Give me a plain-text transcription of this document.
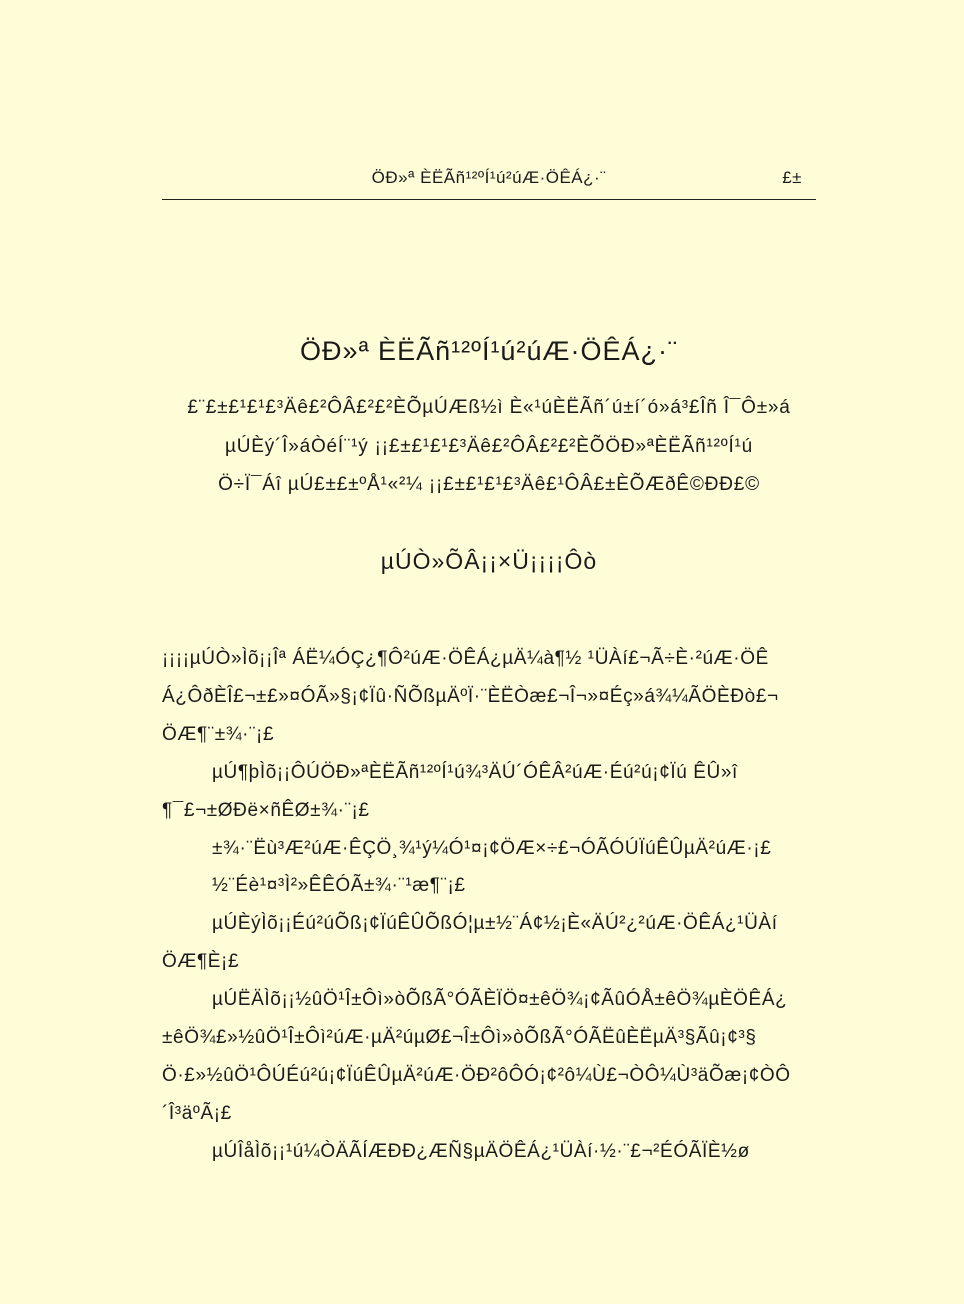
ÖÐ»ª ÈËÃñ¹²ºÍ¹ú²úÆ·ÖÊÁ¿·¨	£±
ÖÐ»ª ÈËÃñ¹²ºÍ¹ú²úÆ·ÖÊÁ¿·¨
£¨£±£¹£¹£³Äê£²ÔÂ£²£²ÈÕµÚÆß½ì È«¹úÈËÃñ´ú±í´ó»á³£Îñ Î¯Ô±»á
µÚÈý´Î»áÒéÍ¨¹ý ¡¡£±£¹£¹£³Äê£²ÔÂ£²£²ÈÕÖÐ»ªÈËÃñ¹²ºÍ¹ú
Ö÷Ï¯Áî µÚ£±£±ºÅ¹«²¼ ¡¡£±£¹£¹£³Äê£¹ÔÂ£±ÈÕÆðÊ©ÐÐ£©
µÚÒ»ÕÂ¡¡×Ü¡¡¡¡Ôò

¡¡¡¡µÚÒ»Ìõ¡¡Îª ÁË¼ÓÇ¿¶Ô²úÆ·ÖÊÁ¿µÄ¼à¶½ ¹ÜÀí£¬Ã÷È·²úÆ·ÖÊ
Á¿ÔðÈÎ£¬±£»¤ÓÃ»§¡¢Ïû·ÑÕßµÄºÏ·¨ÈËÒæ£¬Î¬»¤Éç»á¾¼ÃÖÈÐò£¬
ÖÆ¶¨±¾·¨¡£

µÚ¶þÌõ¡¡ÔÚÖÐ»ªÈËÃñ¹²ºÍ¹ú¾³ÄÚ´ÓÊÂ²úÆ·Éú²ú¡¢Ïú ÊÛ»î
¶¯£¬±ØÐë×ñÊØ±¾·¨¡£

±¾·¨Ëù³Æ²úÆ·ÊÇÖ¸¾¹ý¼Ó¹¤¡¢ÖÆ×÷£¬ÓÃÓÚÏúÊÛµÄ²úÆ·¡£
½¨Éè¹¤³Ì²»ÊÊÓÃ±¾·¨¹æ¶¨¡£

µÚÈýÌõ¡¡Éú²úÕß¡¢ÏúÊÛÕßÓ¦µ±½¨Á¢½¡È«ÄÚ²¿²úÆ·ÖÊÁ¿¹ÜÀí
ÖÆ¶È¡£

µÚËÄÌõ¡¡½ûÖ¹Î±Ôì»òÕßÃ°ÓÃÈÏÖ¤±êÖ¾¡¢ÃûÓÅ±êÖ¾µÈÖÊÁ¿
±êÖ¾£»½ûÖ¹Î±Ôì²úÆ·µÄ²úµØ£¬Î±Ôì»òÕßÃ°ÓÃËûÈËµÄ³§Ãû¡¢³§
Ö·£»½ûÖ¹ÔÚÉú²ú¡¢ÏúÊÛµÄ²úÆ·ÖÐ²ôÔÓ¡¢²ô¼Ù£¬ÒÔ¼Ù³äÕæ¡¢ÒÔ
´Î³äºÃ¡£

µÚÎåÌõ¡¡¹ú¼ÒÄÃÍÆÐÐ¿ÆÑ§µÄÖÊÁ¿¹ÜÀí·½·¨£¬²ÉÓÃÏÈ½ø
